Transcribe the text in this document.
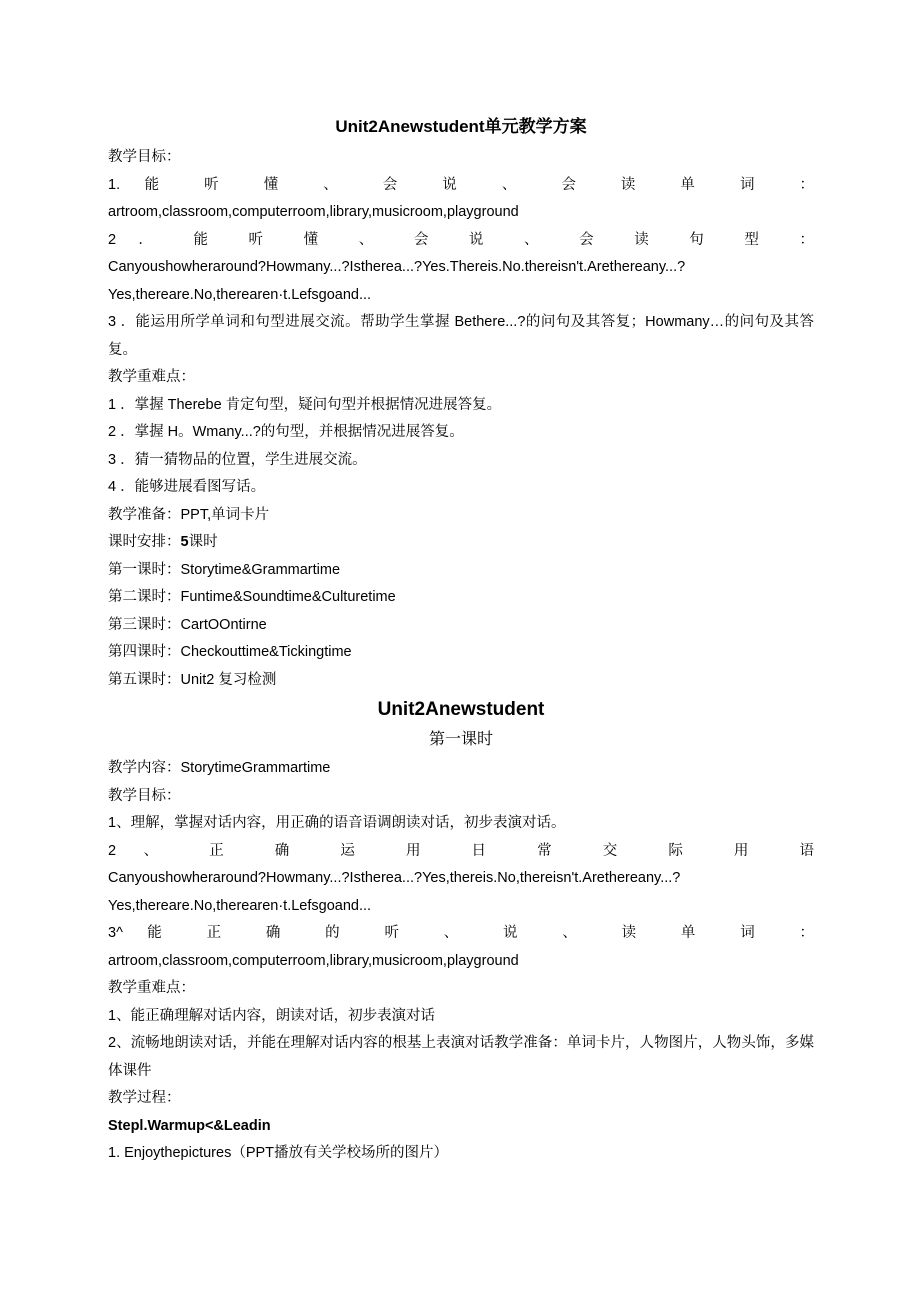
Unit2Anewstudent单元教学方案

教学目标：

1. 能 听 懂 、 会 说 、 会 读 单 词 ：

artroom,classroom,computerroom,library,musicroom,playground

2 ． 能 听 懂 、 会 说 、 会 读 句 型 ：

Canyoushowheraround?Howmany...?Istherea...?Yes.Thereis.No.thereisn't.Arethereany...?Yes,thereare.No,therearen·t.Lefsgoand...

3 ．能运用所学单词和句型进展交流。帮助学生掌握 Bethere...?的问句及其答复；Howmany…的问句及其答复。

教学重难点：

1 ．掌握 Therebe 肯定句型，疑问句型并根据情况进展答复。

2 ．掌握 H。Wmany...?的句型，并根据情况进展答复。

3 ．猜一猜物品的位置，学生进展交流。

4 ．能够进展看图写话。

教学准备：PPT,单词卡片

课时安排：5课时

第一课时：Storytime&Grammartime

第二课时：Funtime&Soundtime&Culturetime

第三课时：CartOOntirne

第四课时：Checkouttime&Tickingtime

第五课时：Unit2 复习检测

Unit2Anewstudent

第一课时

教学内容：StorytimeGrammartime

教学目标：

1、理解，掌握对话内容，用正确的语音语调朗读对话，初步表演对话。

2 、 正 确 运 用 日 常 交 际 用 语

Canyoushowheraround?Howmany...?Istherea...?Yes,thereis.No,thereisn't.Arethereany...?Yes,thereare.No,therearen·t.Lefsgoand...

3^ 能 正 确 的 听 、 说 、 读 单 词 ：

artroom,classroom,computerroom,library,musicroom,playground

教学重难点：

1、能正确理解对话内容，朗读对话，初步表演对话

2、流畅地朗读对话，并能在理解对话内容的根基上表演对话教学准备：单词卡片，人物图片，人物头饰，多媒体课件

教学过程：

Stepl.Warmup<&Leadin

1. Enjoythepictures（PPT播放有关学校场所的图片）
